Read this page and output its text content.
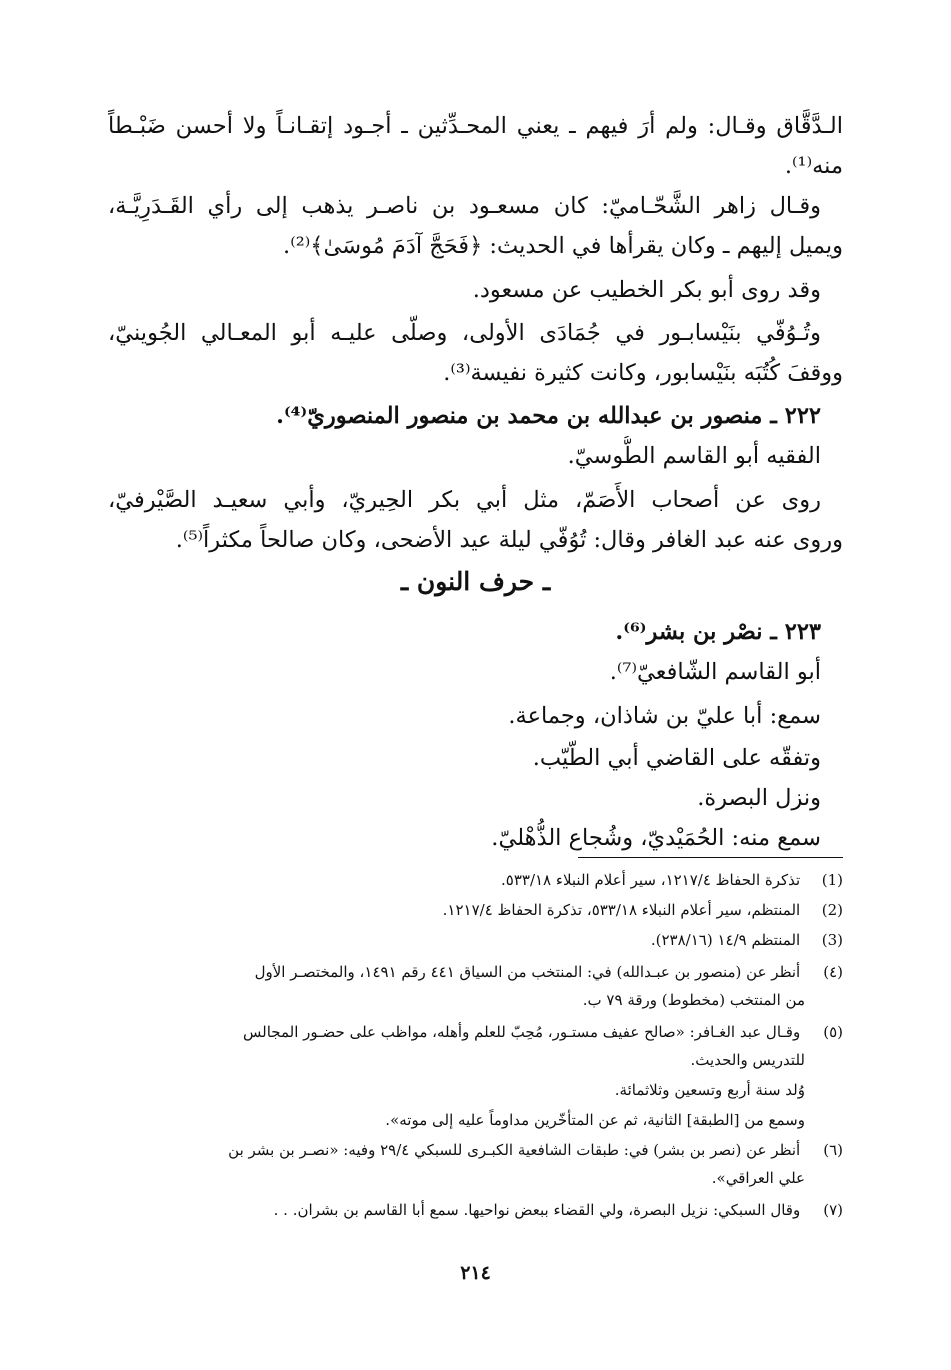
الـدَّقَّاق وقـال: ولم أرَ فيهم ـ يعني المحـدِّثين ـ أجـود إتقـانـاً ولا أحسن ضَبْـطاً
منه⁽¹⁾.
وقـال زاهر الشَّحّـاميّ: كان مسعـود بن ناصـر يذهب إلى رأي القَـدَرِيَّـة،
ويميل إليهم ـ وكان يقرأها في الحديث: ﴿فَحَجَّ آدَمَ مُوسَىٰ﴾⁽²⁾.
وقد روى أبو بكر الخطيب عن مسعود.
وتُـوُفّي بنَيْسابـور في جُمَادَى الأولى، وصلّى عليـه أبو المعـالي الجُوينيّ،
ووقفَ كُتُبَه بنَيْسابور، وكانت كثيرة نفيسة⁽³⁾.
٢٢٢ ـ منصور بن عبدالله بن محمد بن منصور المنصوريّ⁽⁴⁾.
الفقيه أبو القاسم الطُّوسيّ.
روى عن أصحاب الأَصَمّ، مثل أبي بكر الحِيريّ، وأبي سعيـد الصَّيْرفيّ،
وروى عنه عبد الغافر وقال: تُوُفّي ليلة عيد الأضحى، وكان صالحاً مكثراً⁽⁵⁾.
ـ حرف النون ـ
٢٢٣ ـ نصْر بن بشر⁽⁶⁾.
أبو القاسم الشّافعيّ⁽⁷⁾.
سمع: أبا عليّ بن شاذان، وجماعة.
وتفقّه على القاضي أبي الطّيّب.
ونزل البصرة.
سمع منه: الحُمَيْديّ، وشُجاع الذُّهْليّ.
(1) تذكرة الحفاظ ١٢١٧/٤، سير أعلام النبلاء ٥٣٣/١٨.
(2) المنتظم، سير أعلام النبلاء ٥٣٣/١٨، تذكرة الحفاظ ١٢١٧/٤.
(3) المنتظم ١٤/٩ (٢٣٨/١٦).
(٤) أنظر عن (منصور بن عبـدالله) في: المنتخب من السياق ٤٤١ رقم ١٤٩١، والمختصـر الأول
من المنتخب (مخطوط) ورقة ٧٩ ب.
(٥) وقـال عبد الغـافر: «صالح عفيف مستـور، مُحِبّ للعلم وأهله، مواظب على حضـور المجالس
للتدريس والحديث.
وُلد سنة أربع وتسعين وثلاثمائة.
وسمع من [الطبقة] الثانية، ثم عن المتأخّرين مداوماً عليه إلى موته».
(٦) أنظر عن (نصر بن بشر) في: طبقات الشافعية الكبـرى للسبكي ٢٩/٤ وفيه: «نصـر بن بشر بن
علي العراقي».
(٧) وقال السبكي: نزيل البصرة، ولي القضاء ببعض نواحيها. سمع أبا القاسم بن بشران. . .
٢١٤
